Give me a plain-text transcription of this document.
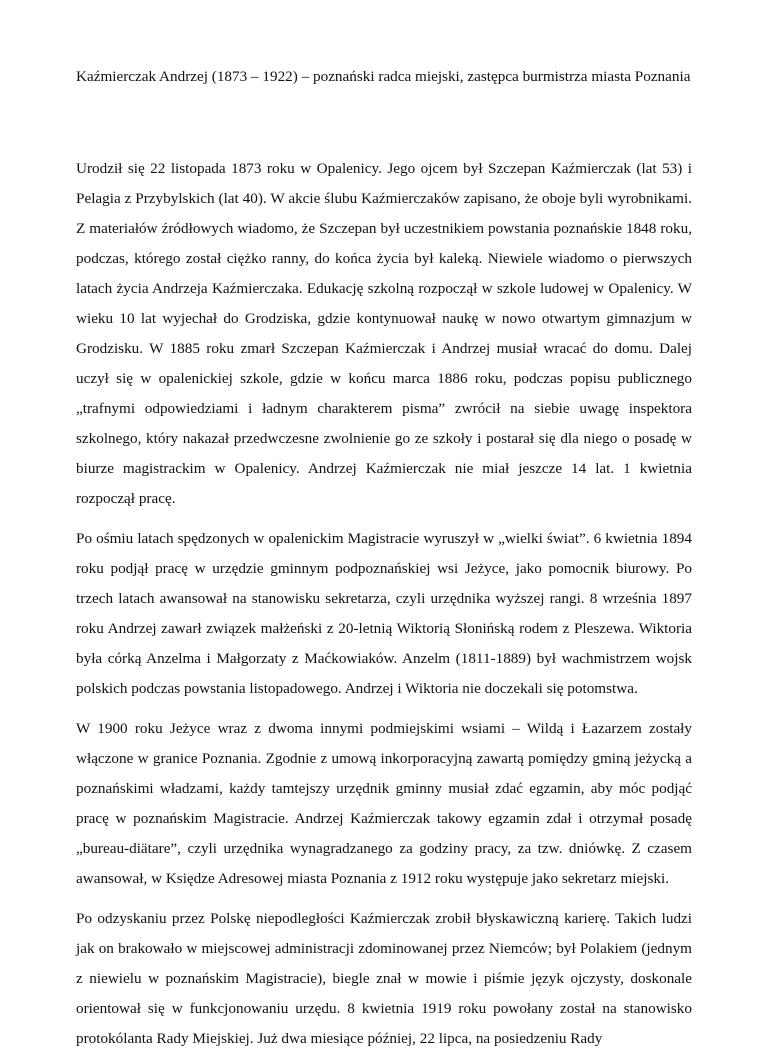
Kaźmierczak Andrzej (1873 – 1922) – poznański radca miejski, zastępca burmistrza miasta Poznania

Urodził się 22 listopada 1873 roku w Opalenicy. Jego ojcem był Szczepan Kaźmierczak (lat 53) i Pelagia z Przybylskich (lat 40). W akcie ślubu Kaźmierczaków zapisano, że oboje byli wyrobnikami. Z materiałów źródłowych wiadomo, że Szczepan był uczestnikiem powstania poznańskie 1848 roku, podczas, którego został ciężko ranny, do końca życia był kaleką. Niewiele wiadomo o pierwszych latach życia Andrzeja Kaźmierczaka. Edukację szkolną rozpoczął w szkole ludowej w Opalenicy. W wieku 10 lat wyjechał do Grodziska, gdzie kontynuował naukę w nowo otwartym gimnazjum w Grodzisku. W 1885 roku zmarł Szczepan Kaźmierczak i Andrzej musiał wracać do domu. Dalej uczył się w opalenickiej szkole, gdzie w końcu marca 1886 roku, podczas popisu publicznego „trafnymi odpowiedziami i ładnym charakterem pisma” zwrócił na siebie uwagę inspektora szkolnego, który nakazał przedwczesne zwolnienie go ze szkoły i postarał się dla niego o posadę w biurze magistrackim w Opalenicy. Andrzej Kaźmierczak nie miał jeszcze 14 lat. 1 kwietnia rozpoczął pracę.

Po ośmiu latach spędzonych w opalenickim Magistracie wyruszył w „wielki świat”. 6 kwietnia 1894 roku podjął pracę w urzędzie gminnym podpoznańskiej wsi Jeżyce, jako pomocnik biurowy. Po trzech latach awansował na stanowisku sekretarza, czyli urzędnika wyższej rangi. 8 września 1897 roku Andrzej zawarł związek małżeński z 20-letnią Wiktorią Słonińską rodem z Pleszewa. Wiktoria była córką Anzelma i Małgorzaty z Maćkowiaków. Anzelm (1811-1889) był wachmistrzem wojsk polskich podczas powstania listopadowego. Andrzej i Wiktoria nie doczekali się potomstwa.

W 1900 roku Jeżyce wraz z dwoma innymi podmiejskimi wsiami – Wildą i Łazarzem zostały włączone w granice Poznania. Zgodnie z umową inkorporacyjną zawartą pomiędzy gminą jeżycką a poznańskimi władzami, każdy tamtejszy urzędnik gminny musiał zdać egzamin, aby móc podjąć pracę w poznańskim Magistracie. Andrzej Kaźmierczak takowy egzamin zdał i otrzymał posadę „bureau-diätare”, czyli urzędnika wynagradzanego za godziny pracy, za tzw. dniówkę. Z czasem awansował, w Księdze Adresowej miasta Poznania z 1912 roku występuje jako sekretarz miejski.

Po odzyskaniu przez Polskę niepodległości Kaźmierczak zrobił błyskawiczną karierę. Takich ludzi jak on brakowało w miejscowej administracji zdominowanej przez Niemców; był Polakiem (jednym z niewielu w poznańskim Magistracie), biegle znał w mowie i piśmie język ojczysty, doskonale orientował się w funkcjonowaniu urzędu. 8 kwietnia 1919 roku powołany został na stanowisko protokólanta Rady Miejskiej. Już dwa miesiące później, 22 lipca, na posiedzeniu Rady
